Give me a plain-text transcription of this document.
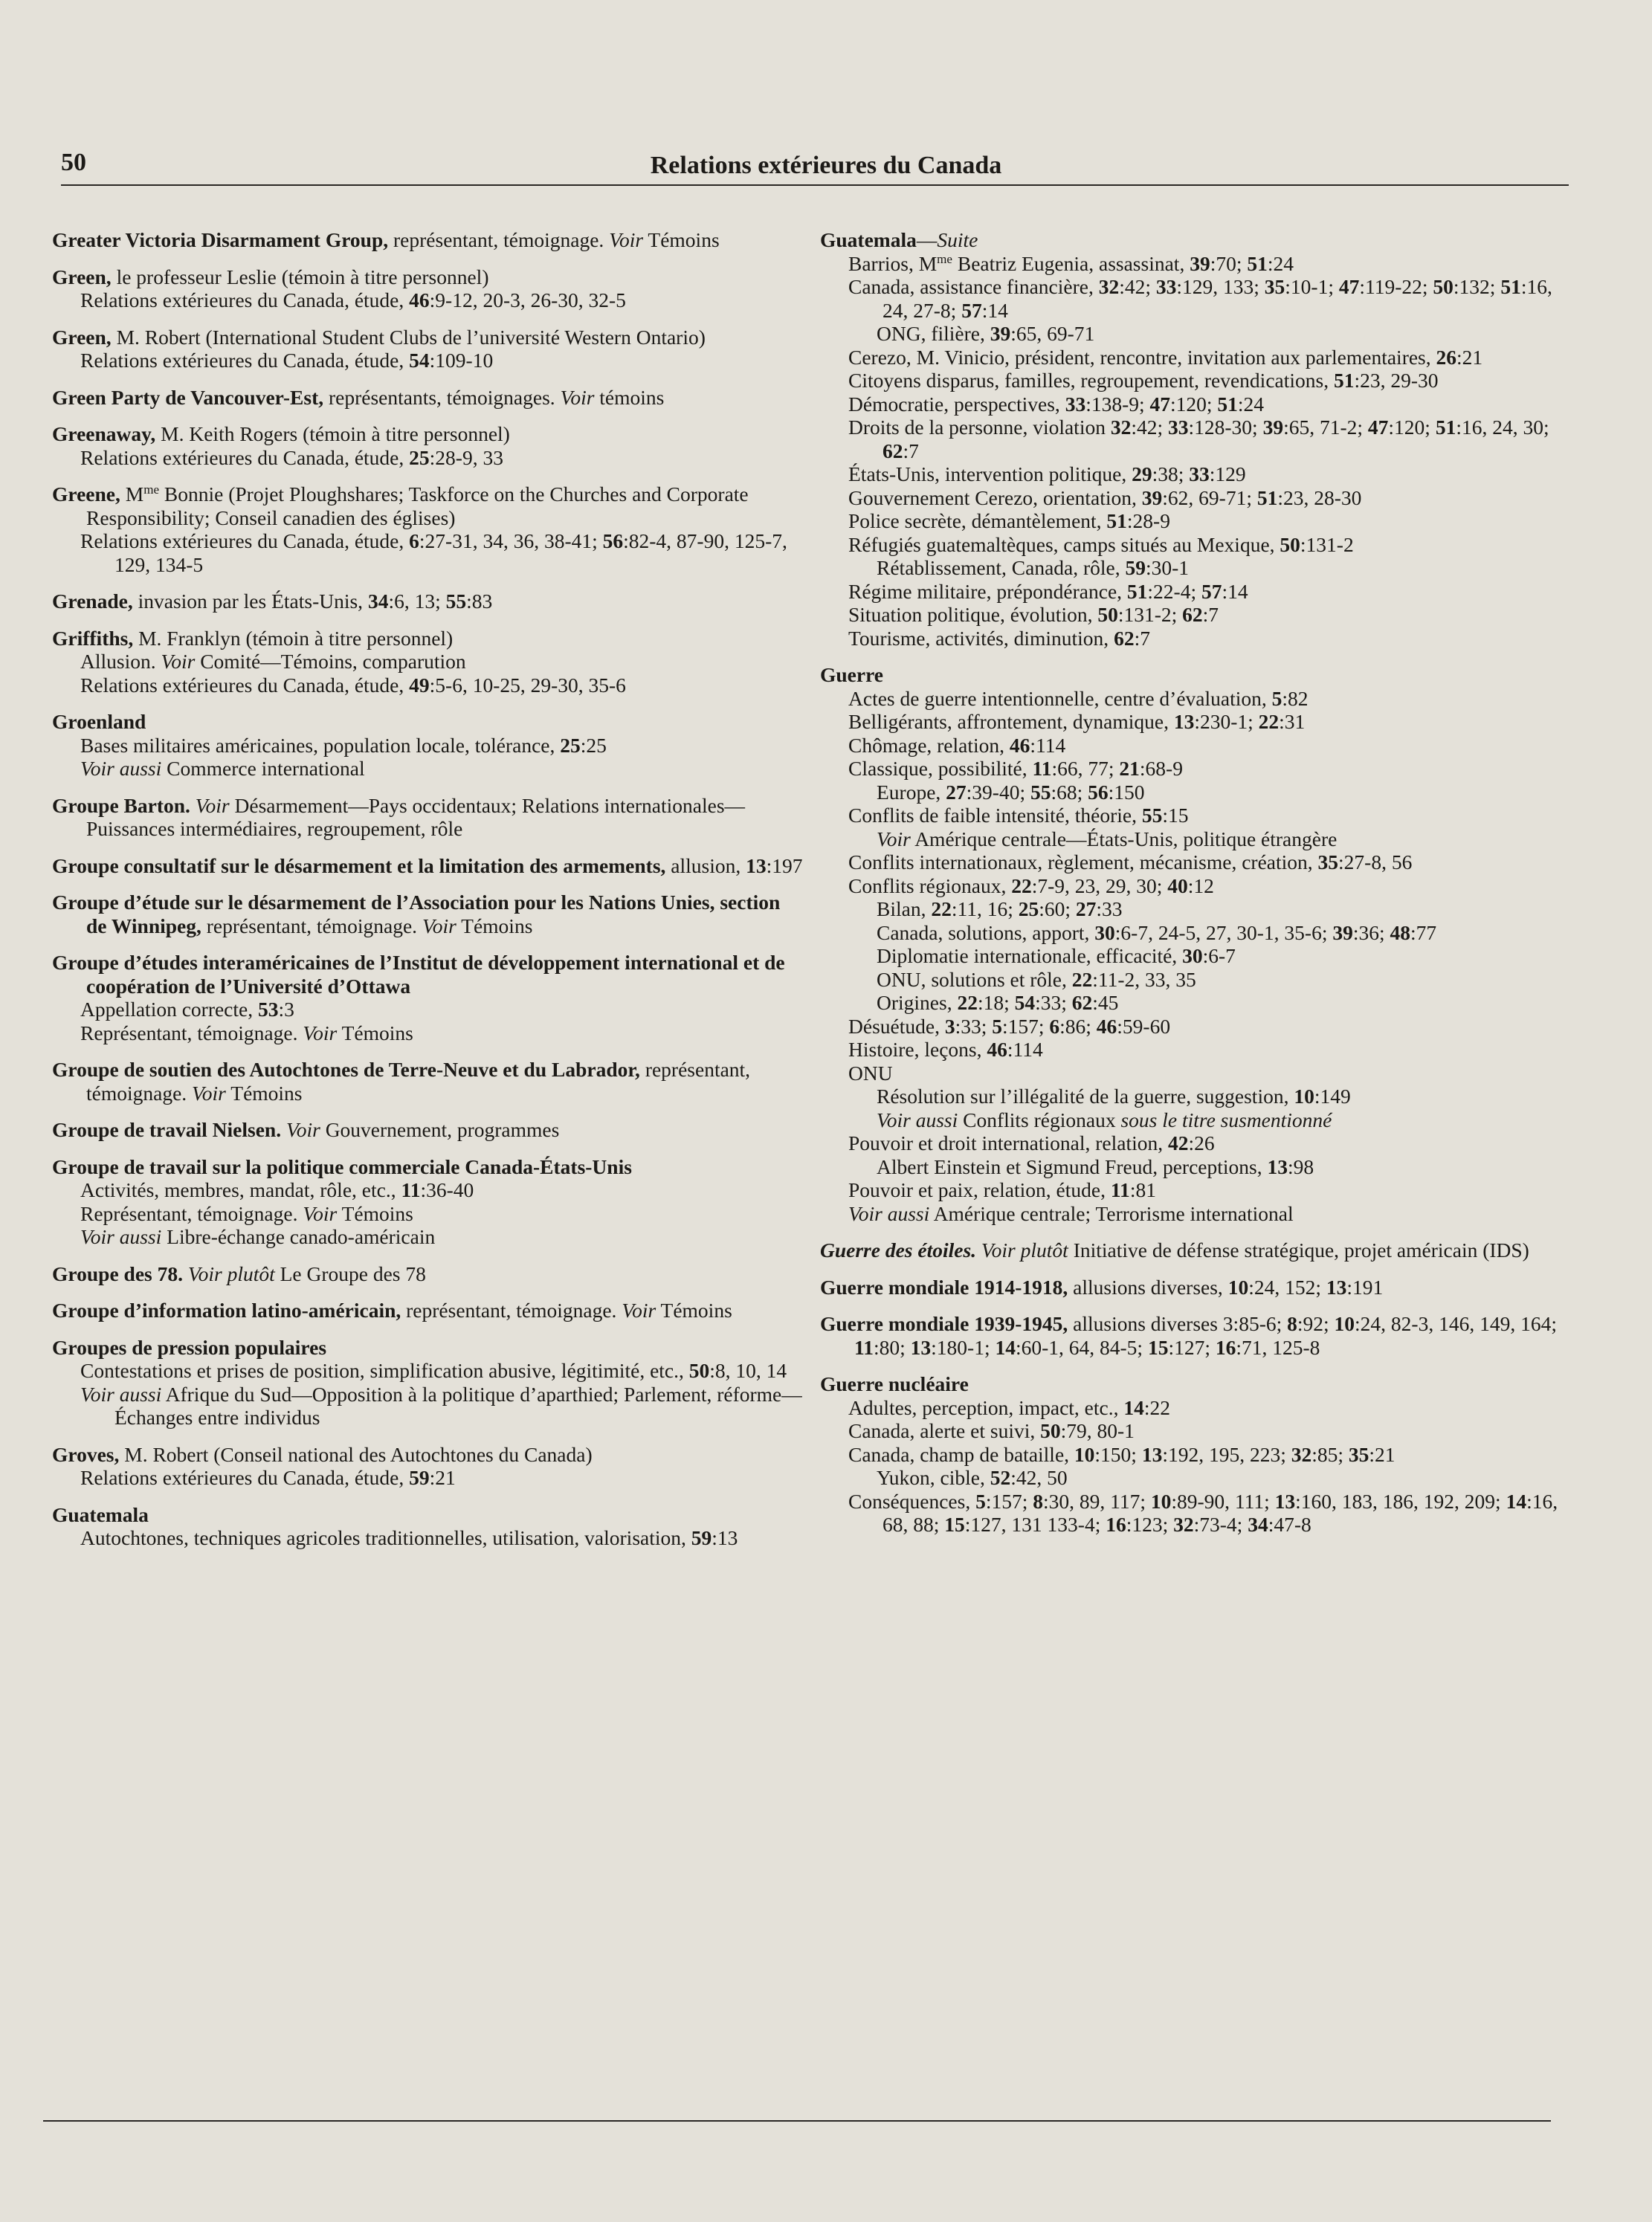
50	Relations extérieures du Canada
Greater Victoria Disarmament Group, représentant, témoignage. Voir Témoins
Green, le professeur Leslie (témoin à titre personnel)
Relations extérieures du Canada, étude, 46:9-12, 20-3, 26-30, 32-5
Green, M. Robert (International Student Clubs de l’université Western Ontario)
Relations extérieures du Canada, étude, 54:109-10
Green Party de Vancouver-Est, représentants, témoignages. Voir témoins
Greenaway, M. Keith Rogers (témoin à titre personnel)
Relations extérieures du Canada, étude, 25:28-9, 33
Greene, $M^{me}$ Bonnie (Projet Ploughshares; Taskforce on the Churches and Corporate Responsibility; Conseil canadien des églises)
Relations extérieures du Canada, étude, 6:27-31, 34, 36, 38-41; 56:82-4, 87-90, 125-7, 129, 134-5
Grenade, invasion par les États-Unis, 34:6, 13; 55:83
Griffiths, M. Franklyn (témoin à titre personnel)
Allusion. Voir Comité—Témoins, comparution
Relations extérieures du Canada, étude, 49:5-6, 10-25, 29-30, 35-6
Groenland
Bases militaires américaines, population locale, tolérance, 25:25
Voir aussi Commerce international
Groupe Barton. Voir Désarmement—Pays occidentaux; Relations internationales—Puissances intermédiaires, regroupement, rôle
Groupe consultatif sur le désarmement et la limitation des armements, allusion, 13:197
Groupe d’étude sur le désarmement de l’Association pour les Nations Unies, section de Winnipeg, représentant, témoignage. Voir Témoins
Groupe d’études interaméricaines de l’Institut de développement international et de coopération de l’Université d’Ottawa
Appellation correcte, 53:3
Représentant, témoignage. Voir Témoins
Groupe de soutien des Autochtones de Terre-Neuve et du Labrador, représentant, témoignage. Voir Témoins
Groupe de travail Nielsen. Voir Gouvernement, programmes
Groupe de travail sur la politique commerciale Canada-États-Unis
Activités, membres, mandat, rôle, etc., 11:36-40
Représentant, témoignage. Voir Témoins
Voir aussi Libre-échange canado-américain
Groupe des 78. Voir plutôt Le Groupe des 78
Groupe d’information latino-américain, représentant, témoignage. Voir Témoins
Groupes de pression populaires
Contestations et prises de position, simplification abusive, légitimité, etc., 50:8, 10, 14
Voir aussi Afrique du Sud—Opposition à la politique d’aparthied; Parlement, réforme—Échanges entre individus
Groves, M. Robert (Conseil national des Autochtones du Canada)
Relations extérieures du Canada, étude, 59:21
Guatemala
Autochtones, techniques agricoles traditionnelles, utilisation, valorisation, 59:13
Guatemala—Suite
Barrios, $M^{me}$ Beatriz Eugenia, assassinat, 39:70; 51:24
Canada, assistance financière, 32:42; 33:129, 133; 35:10-1; 47:119-22; 50:132; 51:16, 24, 27-8; 57:14
ONG, filière, 39:65, 69-71
Cerezo, M. Vinicio, président, rencontre, invitation aux parlementaires, 26:21
Citoyens disparus, familles, regroupement, revendications, 51:23, 29-30
Démocratie, perspectives, 33:138-9; 47:120; 51:24
Droits de la personne, violation 32:42; 33:128-30; 39:65, 71-2; 47:120; 51:16, 24, 30; 62:7
États-Unis, intervention politique, 29:38; 33:129
Gouvernement Cerezo, orientation, 39:62, 69-71; 51:23, 28-30
Police secrète, démantèlement, 51:28-9
Réfugiés guatemaltèques, camps situés au Mexique, 50:131-2
Rétablissement, Canada, rôle, 59:30-1
Régime militaire, prépondérance, 51:22-4; 57:14
Situation politique, évolution, 50:131-2; 62:7
Tourisme, activités, diminution, 62:7
Guerre
Actes de guerre intentionnelle, centre d’évaluation, 5:82
Belligérants, affrontement, dynamique, 13:230-1; 22:31
Chômage, relation, 46:114
Classique, possibilité, 11:66, 77; 21:68-9
Europe, 27:39-40; 55:68; 56:150
Conflits de faible intensité, théorie, 55:15
Voir Amérique centrale—États-Unis, politique étrangère
Conflits internationaux, règlement, mécanisme, création, 35:27-8, 56
Conflits régionaux, 22:7-9, 23, 29, 30; 40:12
Bilan, 22:11, 16; 25:60; 27:33
Canada, solutions, apport, 30:6-7, 24-5, 27, 30-1, 35-6; 39:36; 48:77
Diplomatie internationale, efficacité, 30:6-7
ONU, solutions et rôle, 22:11-2, 33, 35
Origines, 22:18; 54:33; 62:45
Désuétude, 3:33; 5:157; 6:86; 46:59-60
Histoire, leçons, 46:114
ONU
Résolution sur l’illégalité de la guerre, suggestion, 10:149
Voir aussi Conflits régionaux sous le titre susmentionné
Pouvoir et droit international, relation, 42:26
Albert Einstein et Sigmund Freud, perceptions, 13:98
Pouvoir et paix, relation, étude, 11:81
Voir aussi Amérique centrale; Terrorisme international
Guerre des étoiles. Voir plutôt Initiative de défense stratégique, projet américain (IDS)
Guerre mondiale 1914-1918, allusions diverses, 10:24, 152; 13:191
Guerre mondiale 1939-1945, allusions diverses 3:85-6; 8:92; 10:24, 82-3, 146, 149, 164; 11:80; 13:180-1; 14:60-1, 64, 84-5; 15:127; 16:71, 125-8
Guerre nucléaire
Adultes, perception, impact, etc., 14:22
Canada, alerte et suivi, 50:79, 80-1
Canada, champ de bataille, 10:150; 13:192, 195, 223; 32:85; 35:21
Yukon, cible, 52:42, 50
Conséquences, 5:157; 8:30, 89, 117; 10:89-90, 111; 13:160, 183, 186, 192, 209; 14:16, 68, 88; 15:127, 131 133-4; 16:123; 32:73-4; 34:47-8
